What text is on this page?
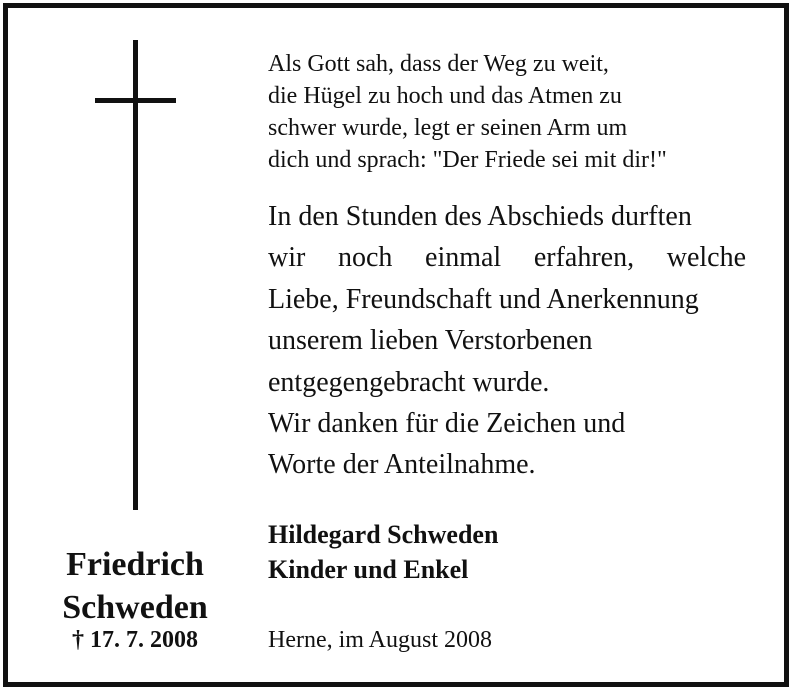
Friedrich
Schweden
† 17. 7. 2008
Als Gott sah, dass der Weg zu weit,
die Hügel zu hoch und das Atmen zu
schwer wurde, legt er seinen Arm um
dich und sprach: "Der Friede sei mit dir!"
In den Stunden des Abschieds durften
wir noch einmal erfahren, welche
Liebe, Freundschaft und Anerkennung
unserem lieben Verstorbenen
entgegengebracht wurde.
Wir danken für die Zeichen und
Worte der Anteilnahme.
Hildegard Schweden
Kinder und Enkel
Herne, im August 2008
